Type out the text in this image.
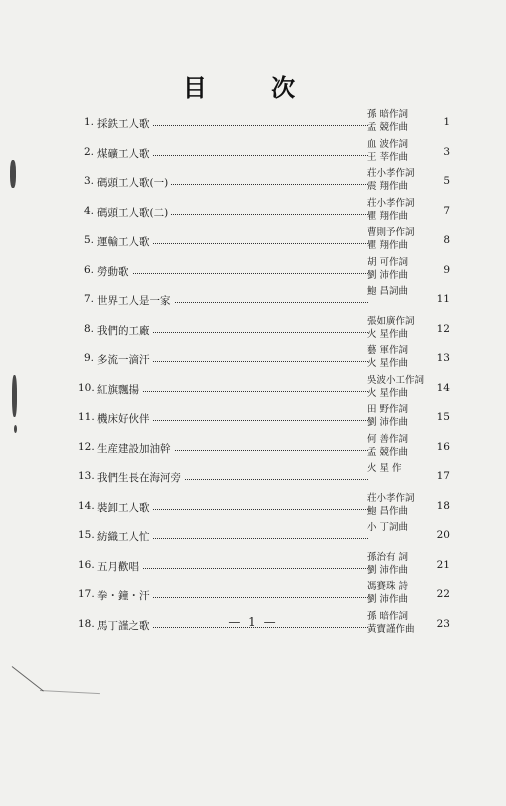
目 次
1. 採鉄工人歌
孫 暗作詞
孟 競作曲	1
2. 煤礦工人歌
血 波作詞
王 莘作曲	3
3. 碼頭工人歌(一)
荘小孝作詞
震 翔作曲	5
4. 碼頭工人歌(二)
荘小孝作詞
瞿 翔作曲	7
5. 運輸工人歌
曹則予作詞
瞿 翔作曲	8
6. 勞動歌
胡 可作詞
劉 沛作曲	9
7. 世界工人是一家
鮑 昌詞曲
11
8. 我們的工廠
張如廣作詞
火 星作曲	12
9. 多流一滴汗
藝 軍作詞
火 星作曲	13
10. 紅旗飄揚
吳波小工作詞
火 星作曲	14
11. 機床好伙伴
田 野作詞
劉 沛作曲	15
12. 生産建設加油幹
何 善作詞
孟 競作曲	16
13. 我們生長在海河旁
火 星 作
17
14. 裝卸工人歌
荘小孝作詞
鮑 昌作曲	18
15. 紡織工人忙
小 丁詞曲
20
16. 五月歡唱
孫治有 詞
劉 沛作曲	21
17. 拳・鐘・汗
馮賽珠 詩
劉 沛作曲	22
18. 馬丁謹之歌
孫 暗作詞
黃寶謹作曲	23
— 1 —
